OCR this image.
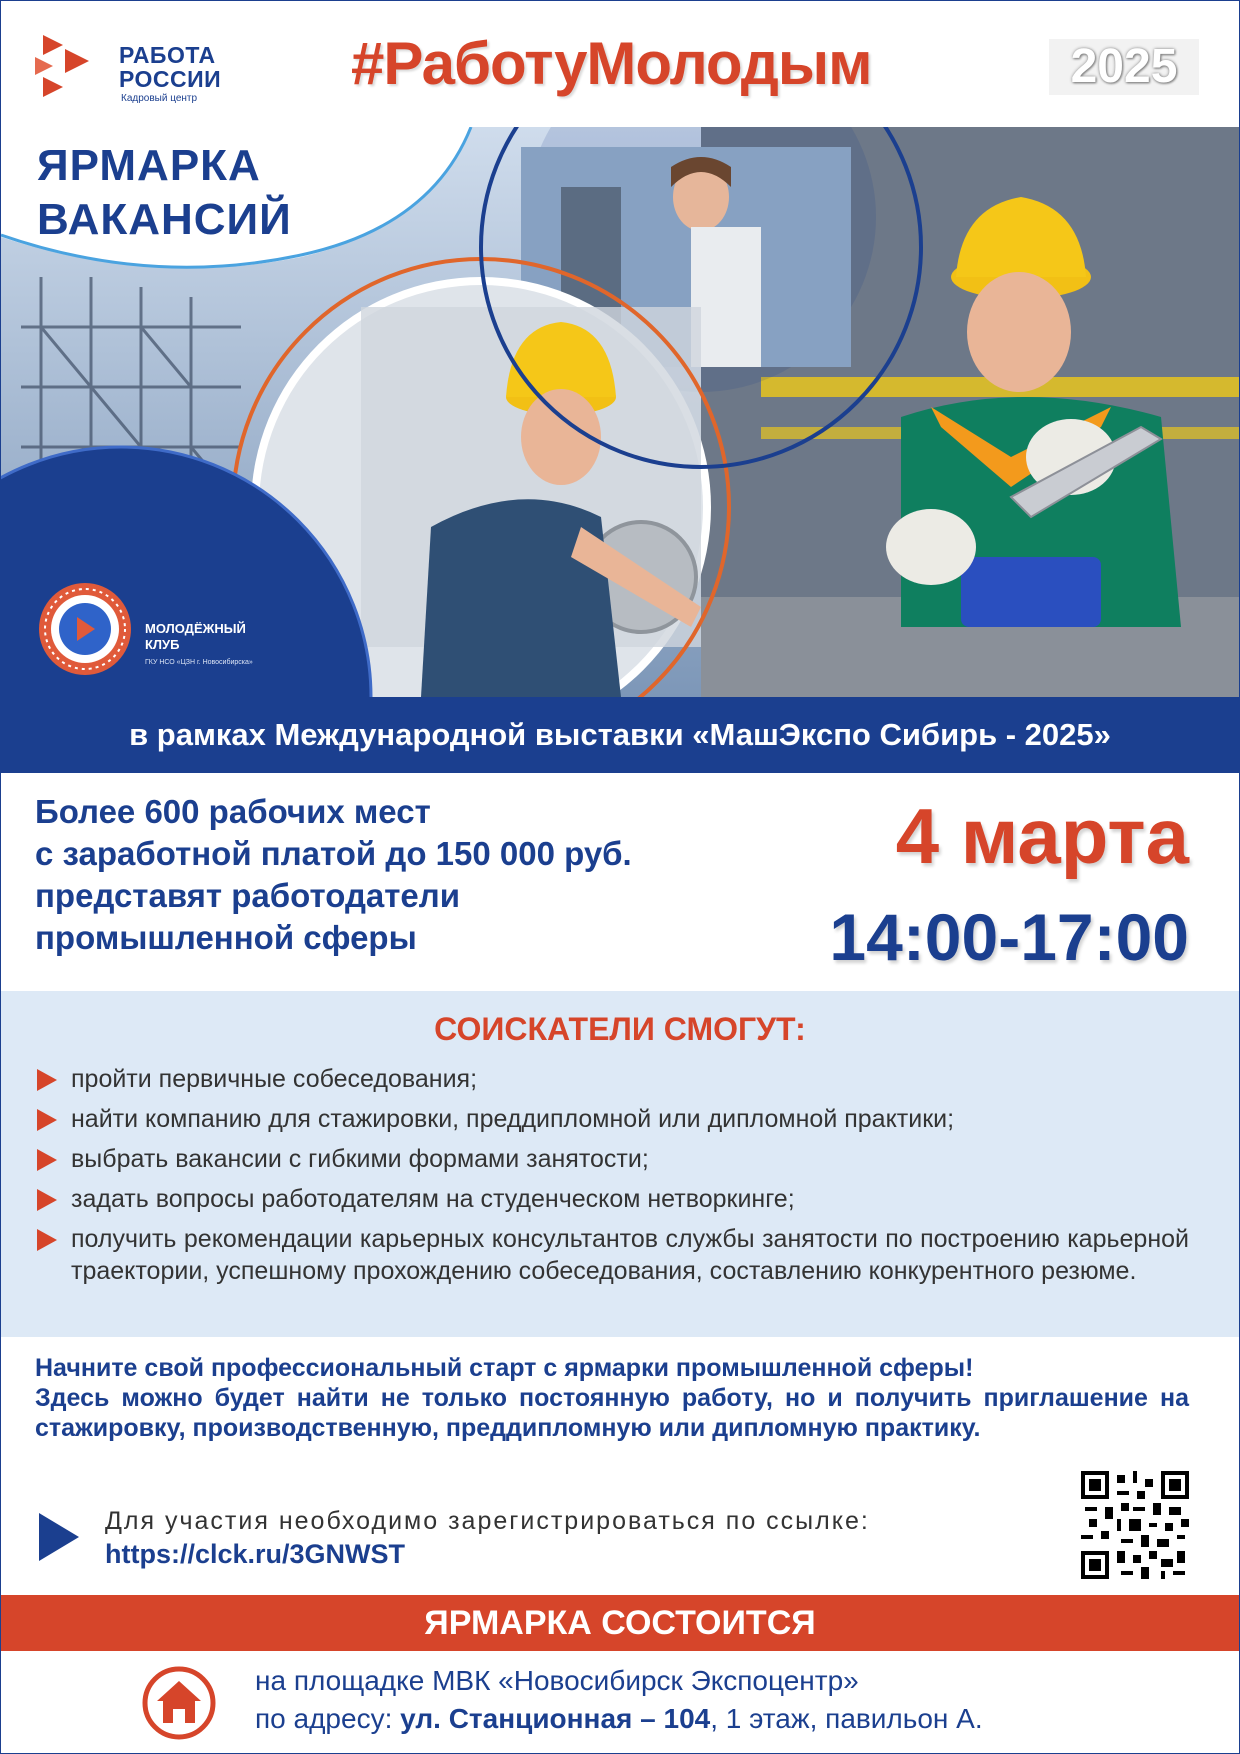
РАБОТА
РОССИИ
Кадровый центр
#РаботуМолодым	2025
ЯРМАРКА
ВАКАНСИЙ
МОЛОДЁЖНЫЙ
КЛУБ
ГКУ НСО «ЦЗН г. Новосибирска»
в рамках Международной выставки «МашЭкспо Сибирь - 2025»
Более 600 рабочих мест
с заработной платой до 150 000 руб.
представят работодатели
промышленной сферы
4 марта
14:00-17:00
СОИСКАТЕЛИ СМОГУТ:
пройти первичные собеседования;
найти компанию для стажировки, преддипломной или дипломной практики;
выбрать вакансии с гибкими формами занятости;
задать вопросы работодателям на студенческом нетворкинге;
получить рекомендации карьерных консультантов службы занятости по построению карьерной траектории, успешному прохождению собеседования, составлению конкурентного резюме.
Начните свой профессиональный старт с ярмарки промышленной сферы!
Здесь можно будет найти не только постоянную работу, но и получить приглашение на стажировку, производственную, преддипломную или дипломную практику.
Для участия необходимо зарегистрироваться по ссылке:
https://clck.ru/3GNWST
ЯРМАРКА СОСТОИТСЯ
на площадке МВК «Новосибирск Экспоцентр»
по адресу: ул. Станционная – 104, 1 этаж, павильон А.
